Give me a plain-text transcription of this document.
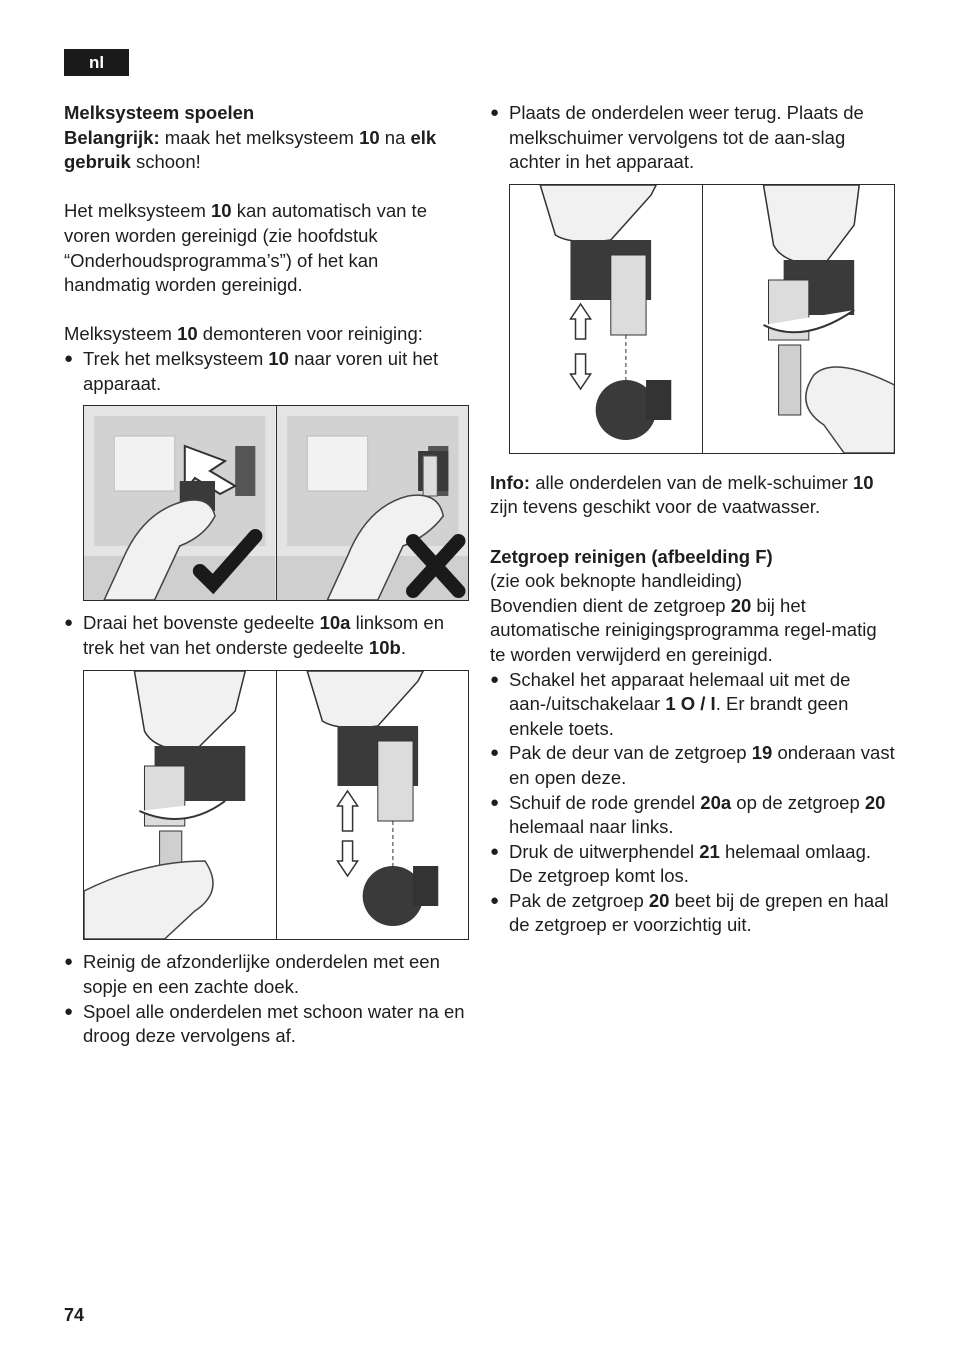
nl

Melksysteem spoelen

Belangrijk: maak het melksysteem 10 na elk gebruik schoon!

Het melksysteem 10 kan automatisch van te voren worden gereinigd (zie hoofdstuk “Onderhoudsprogramma’s”) of het kan handmatig worden gereinigd.

Melksysteem 10 demonteren voor reiniging:

● Trek het melksysteem 10 naar voren uit het apparaat.

● Draai het bovenste gedeelte 10a linksom en trek het van het onderste gedeelte 10b.

● Reinig de afzonderlijke onderdelen met een sopje en een zachte doek.

● Spoel alle onderdelen met schoon water na en droog deze vervolgens af.

● Plaats de onderdelen weer terug. Plaats de melkschuimer vervolgens tot de aan-slag achter in het apparaat.

Info: alle onderdelen van de melk-schuimer 10 zijn tevens geschikt voor de vaatwasser.

Zetgroep reinigen (afbeelding F)

(zie ook beknopte handleiding)

Bovendien dient de zetgroep 20 bij het automatische reinigingsprogramma regel-matig te worden verwijderd en gereinigd.

● Schakel het apparaat helemaal uit met de aan-/uitschakelaar 1 O / I. Er brandt geen enkele toets.

● Pak de deur van de zetgroep 19 onderaan vast en open deze.

● Schuif de rode grendel 20a op de zetgroep 20 helemaal naar links.

● Druk de uitwerphendel 21 helemaal omlaag. De zetgroep komt los.

● Pak de zetgroep 20 beet bij de grepen en haal de zetgroep er voorzichtig uit.

74
